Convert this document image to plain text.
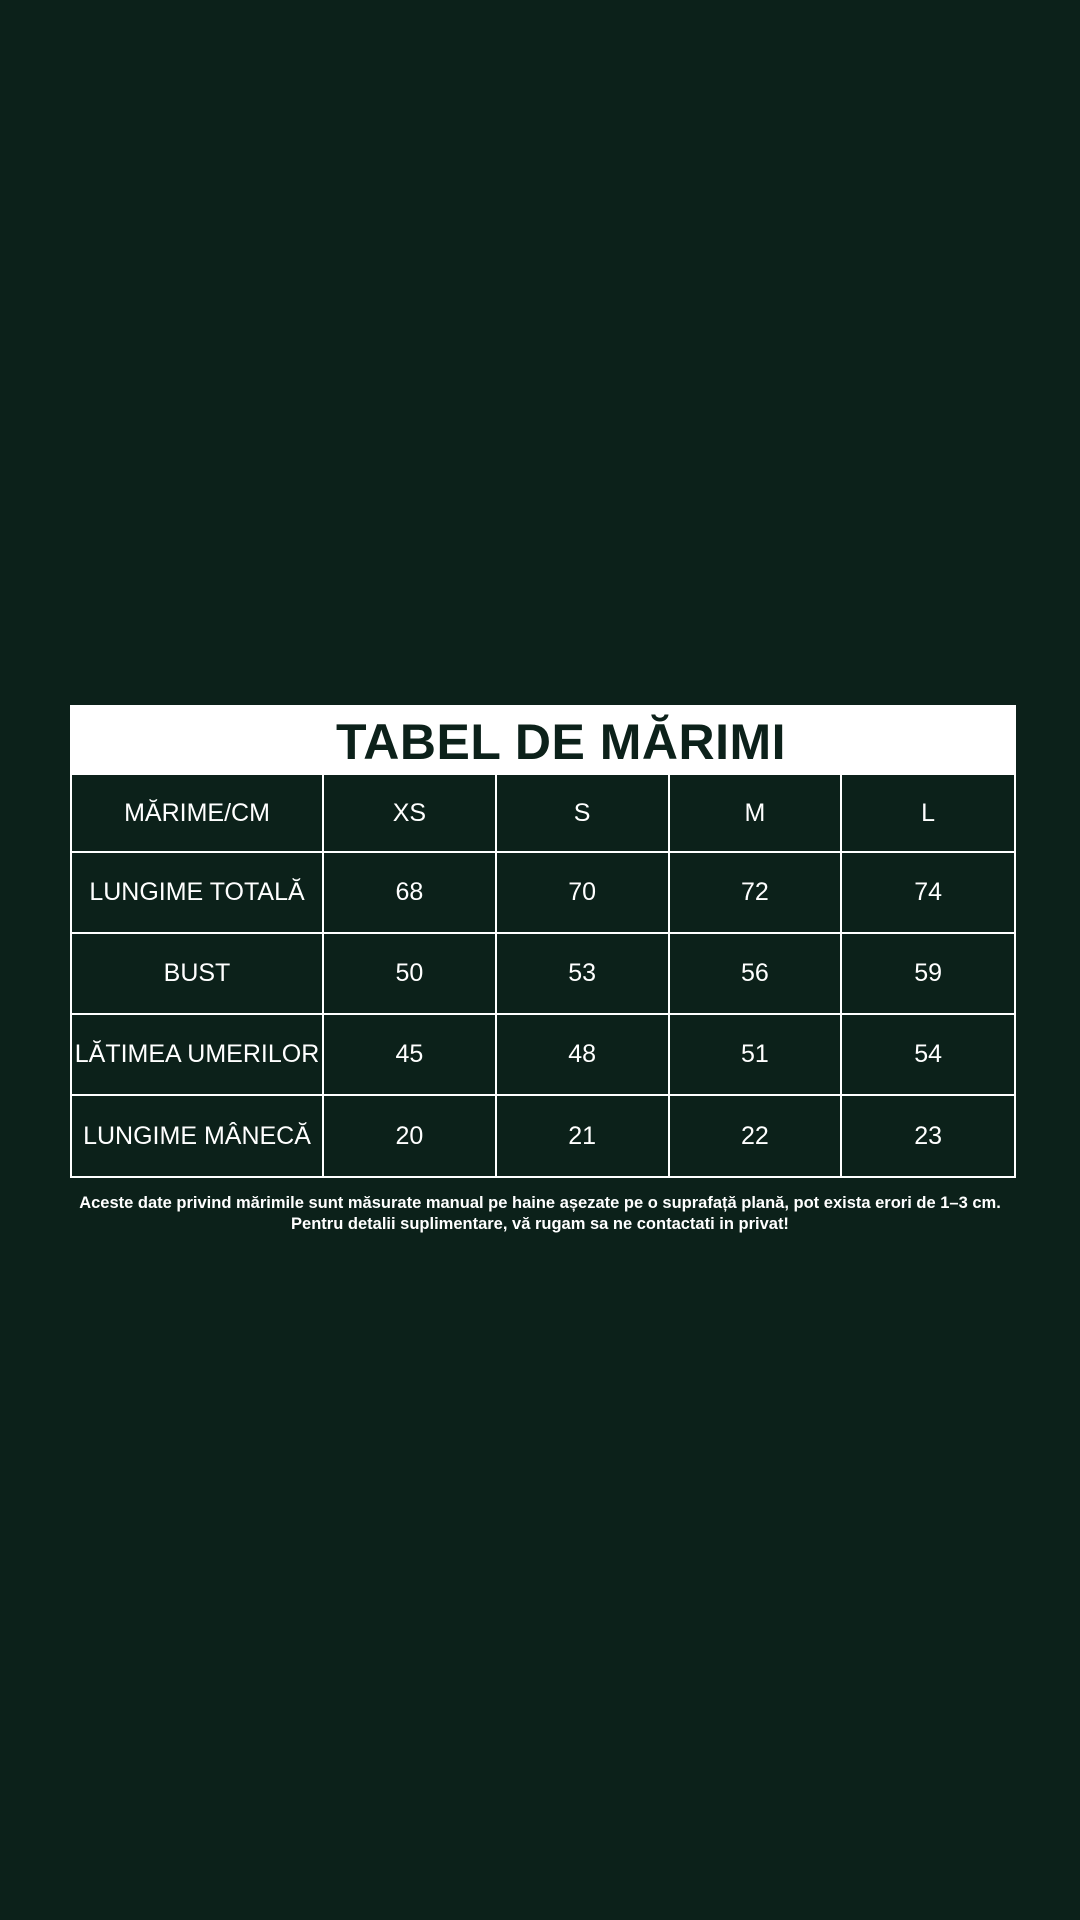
TABEL DE MĂRIMI
MĂRIME/CM	XS	S	M	L
LUNGIME TOTALĂ	68	70	72	74
BUST	50	53	56	59
LĂTIMEA UMERILOR	45	48	51	54
LUNGIME MÂNECĂ	20	21	22	23
Aceste date privind mărimile sunt măsurate manual pe haine așezate pe o suprafață plană, pot exista erori de 1–3 cm.
Pentru detalii suplimentare, vă rugam sa ne contactati in privat!
